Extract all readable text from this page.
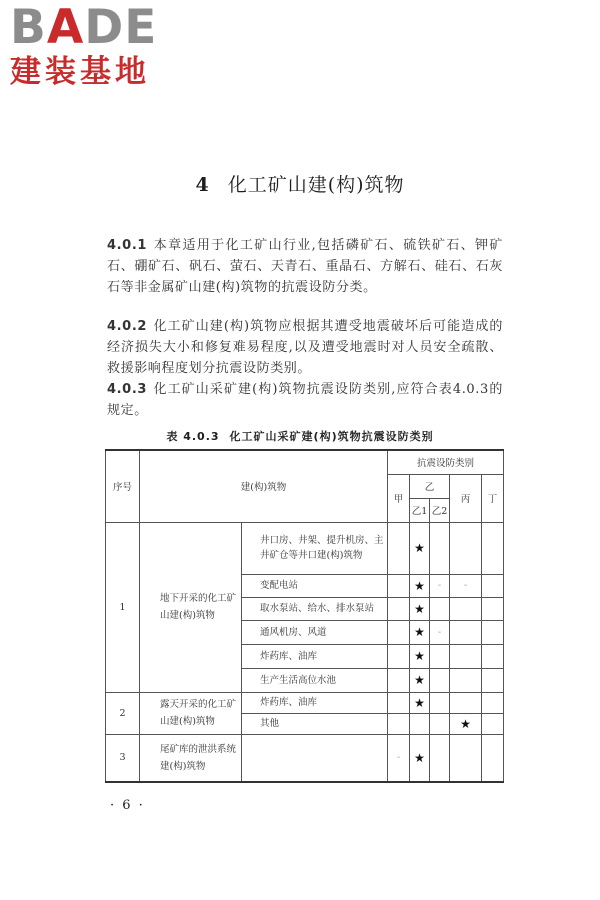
BADE
建装基地
4 化工矿山建(构)筑物
4.0.1 本章适用于化工矿山行业,包括磷矿石、硫铁矿石、钾矿石、硼矿石、矾石、萤石、天青石、重晶石、方解石、硅石、石灰石等非金属矿山建(构)筑物的抗震设防分类。
4.0.2 化工矿山建(构)筑物应根据其遭受地震破坏后可能造成的经济损失大小和修复难易程度,以及遭受地震时对人员安全疏散、救援影响程度划分抗震设防类别。
4.0.3 化工矿山采矿建(构)筑物抗震设防类别,应符合表4.0.3的规定。
表 4.0.3 化工矿山采矿建(构)筑物抗震设防类别
序号	建(构)筑物		抗震设防类别				
			甲	乙		丙	丁
				乙1	乙2		
1	地下开采的化工矿山建(构)筑物	井口房、井架、提升机房、主井矿仓等井口建(构)筑物		★			
		变配电站		★	-	-	
		取水泵站、给水、排水泵站		★			
		通风机房、风道		★	-		
		炸药库、油库		★			
		生产生活高位水池		★			
2	露天开采的化工矿山建(构)筑物	炸药库、油库		★			
		其他				★	
3	尾矿库的泄洪系统建(构)筑物		-	★			
· 6 ·
